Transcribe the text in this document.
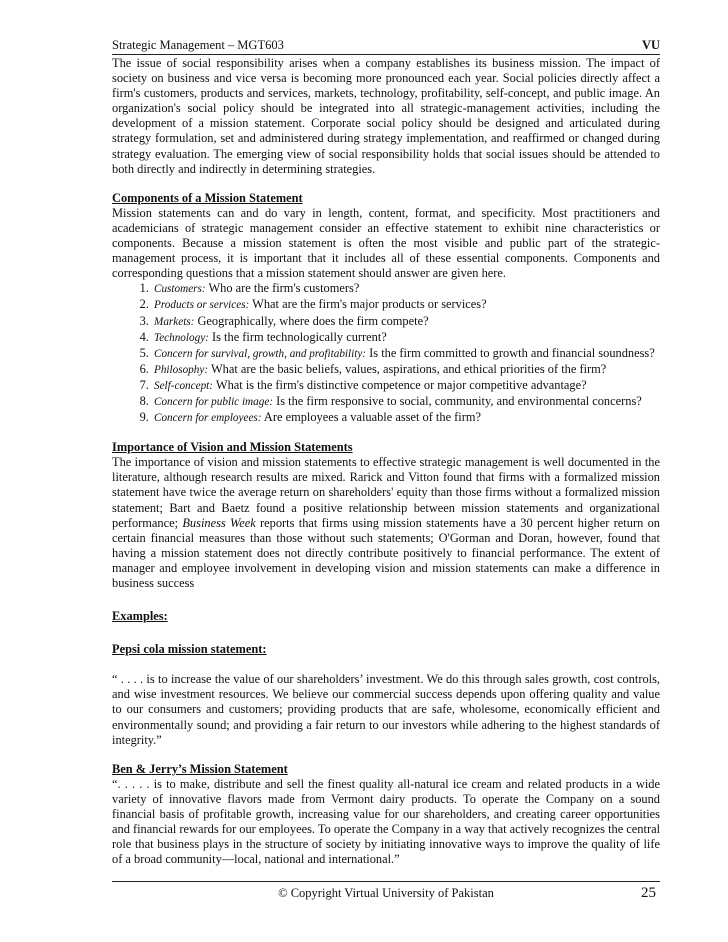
Strategic Management – MGT603	VU

The issue of social responsibility arises when a company establishes its business mission. The impact of society on business and vice versa is becoming more pronounced each year. Social policies directly affect a firm's customers, products and services, markets, technology, profitability, self-concept, and public image. An organization's social policy should be integrated into all strategic-management activities, including the development of a mission statement. Corporate social policy should be designed and articulated during strategy formulation, set and administered during strategy implementation, and reaffirmed or changed during strategy evaluation. The emerging view of social responsibility holds that social issues should be attended to both directly and indirectly in determining strategies.

Components of a Mission Statement

Mission statements can and do vary in length, content, format, and specificity. Most practitioners and academicians of strategic management consider an effective statement to exhibit nine characteristics or components. Because a mission statement is often the most visible and public part of the strategic-management process, it is important that it includes all of these essential components. Components and corresponding questions that a mission statement should answer are given here.

1. Customers: Who are the firm's customers?
2. Products or services: What are the firm's major products or services?
3. Markets: Geographically, where does the firm compete?
4. Technology: Is the firm technologically current?
5. Concern for survival, growth, and profitability: Is the firm committed to growth and financial soundness?
6. Philosophy: What are the basic beliefs, values, aspirations, and ethical priorities of the firm?
7. Self-concept: What is the firm's distinctive competence or major competitive advantage?
8. Concern for public image: Is the firm responsive to social, community, and environmental concerns?
9. Concern for employees: Are employees a valuable asset of the firm?

Importance of Vision and Mission Statements

The importance of vision and mission statements to effective strategic management is well documented in the literature, although research results are mixed. Rarick and Vitton found that firms with a formalized mission statement have twice the average return on shareholders' equity than those firms without a formalized mission statement; Bart and Baetz found a positive relationship between mission statements and organizational performance; Business Week reports that firms using mission statements have a 30 percent higher return on certain financial measures than those without such statements; O'Gorman and Doran, however, found that having a mission statement does not directly contribute positively to financial performance. The extent of manager and employee involvement in developing vision and mission statements can make a difference in business success

Examples:

Pepsi cola mission statement:

“ . . . . is to increase the value of our shareholders’ investment. We do this through sales growth, cost controls, and wise investment resources. We believe our commercial success depends upon offering quality and value to our consumers and customers; providing products that are safe, wholesome, economically efficient and environmentally sound; and providing a fair return to our investors while adhering to the highest standards of integrity.”

Ben & Jerry’s Mission Statement

“. . . . . is to make, distribute and sell the finest quality all-natural ice cream and related products in a wide variety of innovative flavors made from Vermont dairy products. To operate the Company on a sound financial basis of profitable growth, increasing value for our shareholders, and creating career opportunities and financial rewards for our employees. To operate the Company in a way that actively recognizes the central role that business plays in the structure of society by initiating innovative ways to improve the quality of life of a broad community—local, national and international.”

© Copyright Virtual University of Pakistan	25
